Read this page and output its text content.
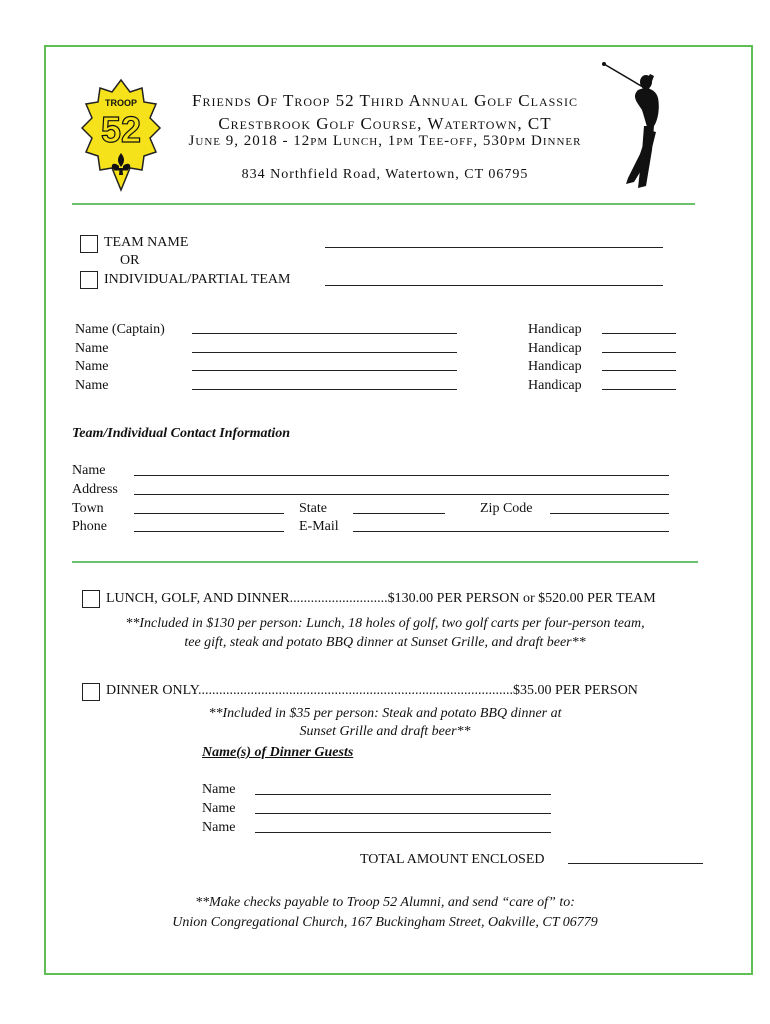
TROOP
52
Friends Of Troop 52 Third Annual Golf Classic
Crestbrook Golf Course, Watertown, CT
June 9, 2018 - 12pm Lunch, 1pm Tee-off, 530pm Dinner
834 Northfield Road, Watertown, CT 06795
TEAM NAME
OR
INDIVIDUAL/PARTIAL TEAM
Name (Captain)	Handicap
Name	Handicap
Name	Handicap
Name	Handicap
Team/Individual Contact Information
Name
Address
Town	State	Zip Code
Phone	E-Mail
LUNCH, GOLF, AND DINNER............................$130.00 PER PERSON or $520.00 PER TEAM
**Included in $130 per person: Lunch, 18 holes of golf, two golf carts per four-person team,
tee gift, steak and potato BBQ dinner at Sunset Grille, and draft beer**
DINNER ONLY..........................................................................................$35.00 PER PERSON
**Included in $35 per person: Steak and potato BBQ dinner at
Sunset Grille and draft beer**
Name(s) of Dinner Guests
Name
Name
Name
TOTAL AMOUNT ENCLOSED
**Make checks payable to Troop 52 Alumni, and send “care of” to:
Union Congregational Church, 167 Buckingham Street, Oakville, CT 06779
